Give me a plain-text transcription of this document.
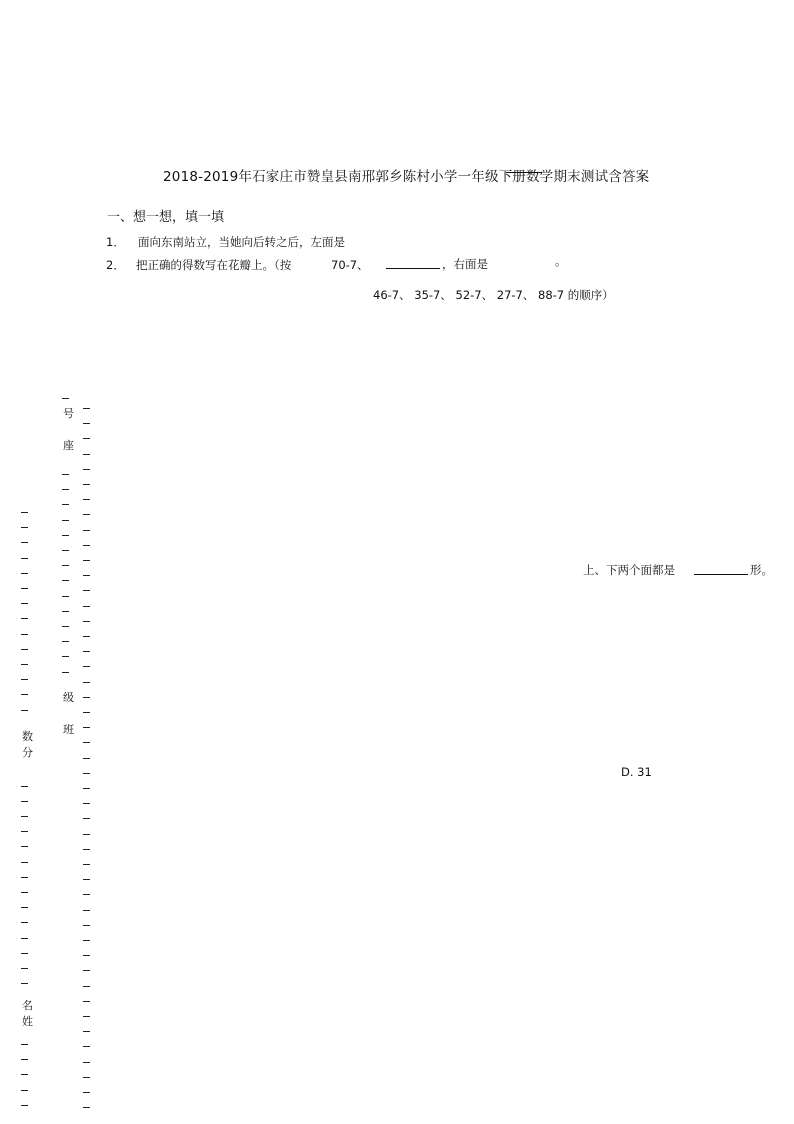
2018-2019年石家庄市赞皇县南邢郭乡陈村小学一年级下册数学期末测试含答案
一、想一想，填一填
1． 面向东南站立，当她向后转之后，左面是
2． 把正确的得数写在花瓣上。（按	70-7、	，右面是	。
46-7、 35-7、 52-7、 27-7、 88-7 的顺序）
上、下两个面都是	形。
D. 31
数
分
名
姓
号
座
级
班
